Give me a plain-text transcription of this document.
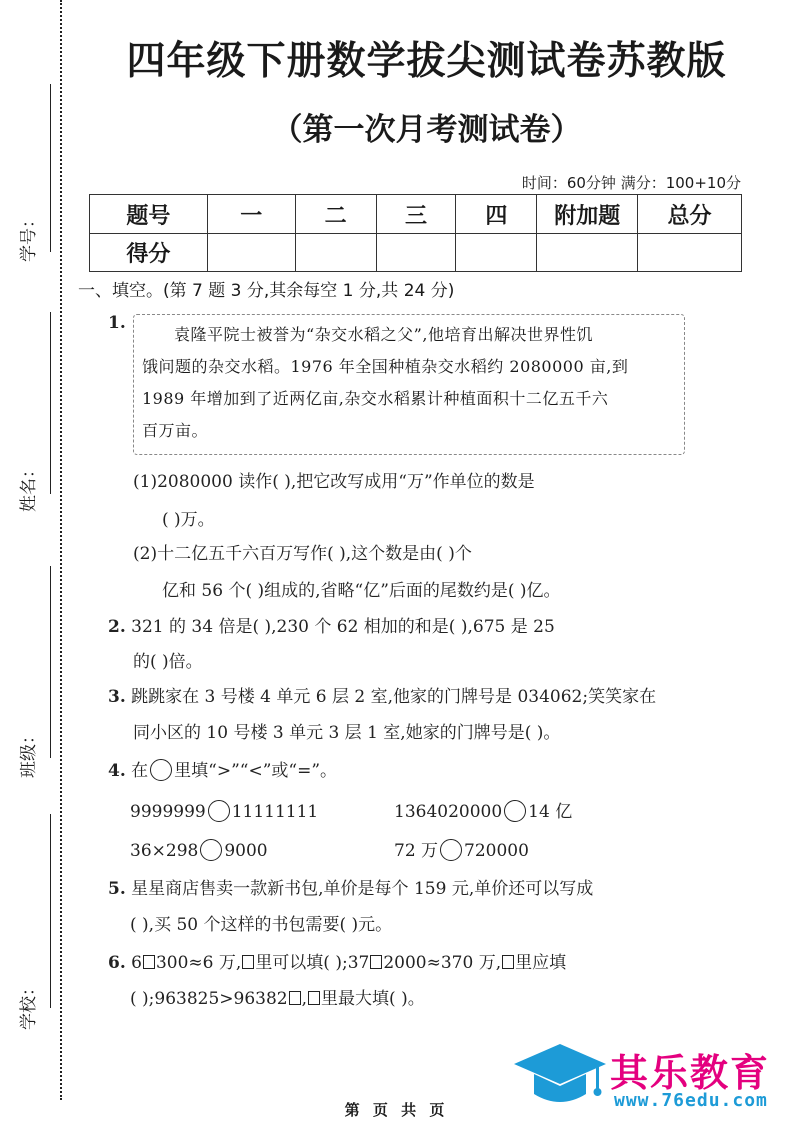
学号：
姓名：
班级：
学校：
四年级下册数学拔尖测试卷苏教版
（第一次月考测试卷）
时间：60分钟 满分：100+10分
题号	一	二	三	四	附加题	总分
得分						
一、填空。(第 7 题 3 分,其余每空 1 分,共 24 分)
1.

袁隆平院士被誉为“杂交水稻之父”,他培育出解决世界性饥

饿问题的杂交水稻。1976 年全国种植杂交水稻约 2080000 亩,到

1989 年增加到了近两亿亩,杂交水稻累计种植面积十二亿五千六

百万亩。

(1)2080000 读作( ),把它改写成用“万”作单位的数是
( )万。
(2)十二亿五千六百万写作( ),这个数是由( )个
亿和 56 个( )组成的,省略“亿”后面的尾数约是( )亿。
2. 321 的 34 倍是( ),230 个 62 相加的和是( ),675 是 25
的( )倍。
3. 跳跳家在 3 号楼 4 单元 6 层 2 室,他家的门牌号是 034062;笑笑家在
同小区的 10 号楼 3 单元 3 层 1 室,她家的门牌号是( )。
4. 在 里填“>”“<”或“=”。
9999999 11111111	1364020000 14 亿
36×298 9000	72 万 720000
5. 星星商店售卖一款新书包,单价是每个 159 元,单价还可以写成
( ),买 50 个这样的书包需要( )元。
6. 6 300≈6 万, 里可以填( );37 2000≈370 万, 里应填
( );963825>96382 , 里最大填( )。
其乐教育
www.76edu.com
第 页 共 页
